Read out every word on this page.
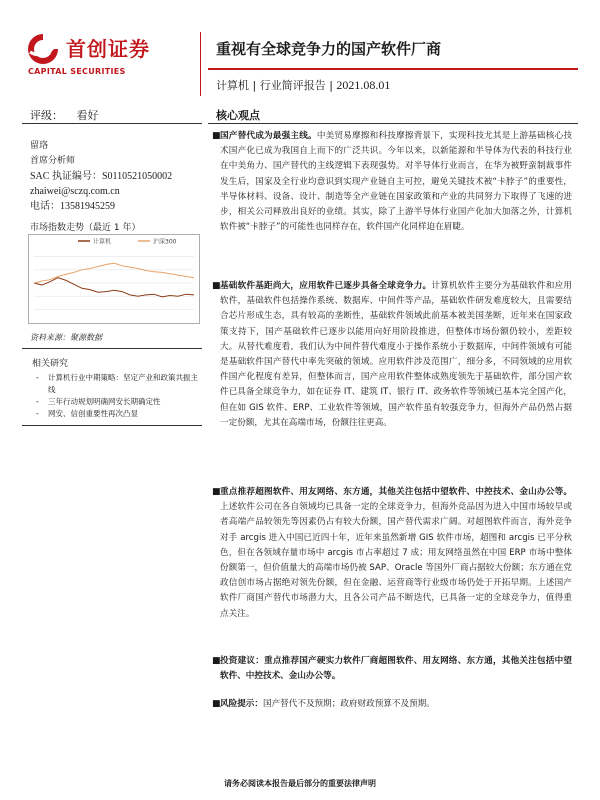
首创证券
CAPITAL SECURITIES
重视有全球竞争力的国产软件厂商
计算机 | 行业简评报告 | 2021.08.01
评级： 看好
留珞
首席分析师
SAC 执证编号：S0110521050002
zhaiwei@sczq.com.cn
电话：13581945259
市场指数走势（最近 1 年）
计算机	沪深300
资料来源：聚源数据
相关研究
- 计算机行业中期策略：坚定产业和政策共振主线
- 三年行动规划明确网安长期确定性
- 网安、信创重要性再次凸显
核心观点
■ 国产替代成为最强主线。中美贸易摩擦和科技摩擦背景下，实现科技尤其是上游基础核心技术国产化已成为我国自上而下的广泛共识。今年以来，以新能源和半导体为代表的科技行业在中美角力、国产替代的主线逻辑下表现强势。对半导体行业而言，在华为被野蛮制裁事件发生后，国家及全行业均意识到实现产业链自主可控，避免关键技术被“卡脖子”的重要性，半导体材料、设备、设计、制造等全产业链在国家政策和产业的共同努力下取得了飞速的进步，相关公司释放出良好的业绩。其实，除了上游半导体行业国产化加大加落之外，计算机软件被“卡脖子”的可能性也同样存在，软件国产化同样迫在眉睫。
■ 基础软件基距尚大，应用软件已逐步具备全球竞争力。计算机软件主要分为基础软件和应用软件，基础软件包括操作系统、数据库、中间件等产品，基础软件研发难度较大，且需要结合芯片形成生态，具有较高的垄断性，基础软件领域此前基本被美国垄断，近年来在国家政策支持下，国产基础软件已逐步以能用向好用阶段推进，但整体市场份额仍较小，差距较大。从替代难度看，我们认为中间件替代难度小于操作系统小于数据库，中间件领域有可能是基础软件国产替代中率先突破的领域。应用软件涉及范围广，细分多，不同领域的应用软件国产化程度有差异，但整体而言，国产应用软件整体成熟度领先于基础软件，部分国产软件已具备全球竞争力，如在证券 IT、建筑 IT、银行 IT、政务软件等领域已基本完全国产化，但在如 GIS 软件、ERP、工业软件等领域，国产软件虽有较强竞争力，但海外产品仍然占据一定份额，尤其在高端市场，份额往往更高。
■ 重点推荐超图软件、用友网络、东方通，其他关注包括中望软件、中控技术、金山办公等。上述软件公司在各自领域均已具备一定的全球竞争力，但海外竞品因为进入中国市场较早或者高端产品较领先等因素仍占有较大份额，国产替代需求广阔。对超图软件而言，海外竞争对手 arcgis 进入中国已近四十年，近年来虽然新增 GIS 软件市场，超图和 arcgis 已平分秋色，但在各领域存量市场中 arcgis 市占率超过 7 成；用友网络虽然在中国 ERP 市场中整体份额第一，但价值量大的高端市场仍被 SAP、Oracle 等国外厂商占据较大份额；东方通在党政信创市场占据绝对领先份额，但在金融、运营商等行业级市场仍处于开拓早期。上述国产软件厂商国产替代市场潜力大，且各公司产品不断迭代，已具备一定的全球竞争力，值得重点关注。
■ 投资建议：重点推荐国产硬实力软件厂商超图软件、用友网络、东方通，其他关注包括中望软件、中控技术、金山办公等。
■ 风险提示：国产替代不及预期；政府财政预算不及预期。
请务必阅读本报告最后部分的重要法律声明
